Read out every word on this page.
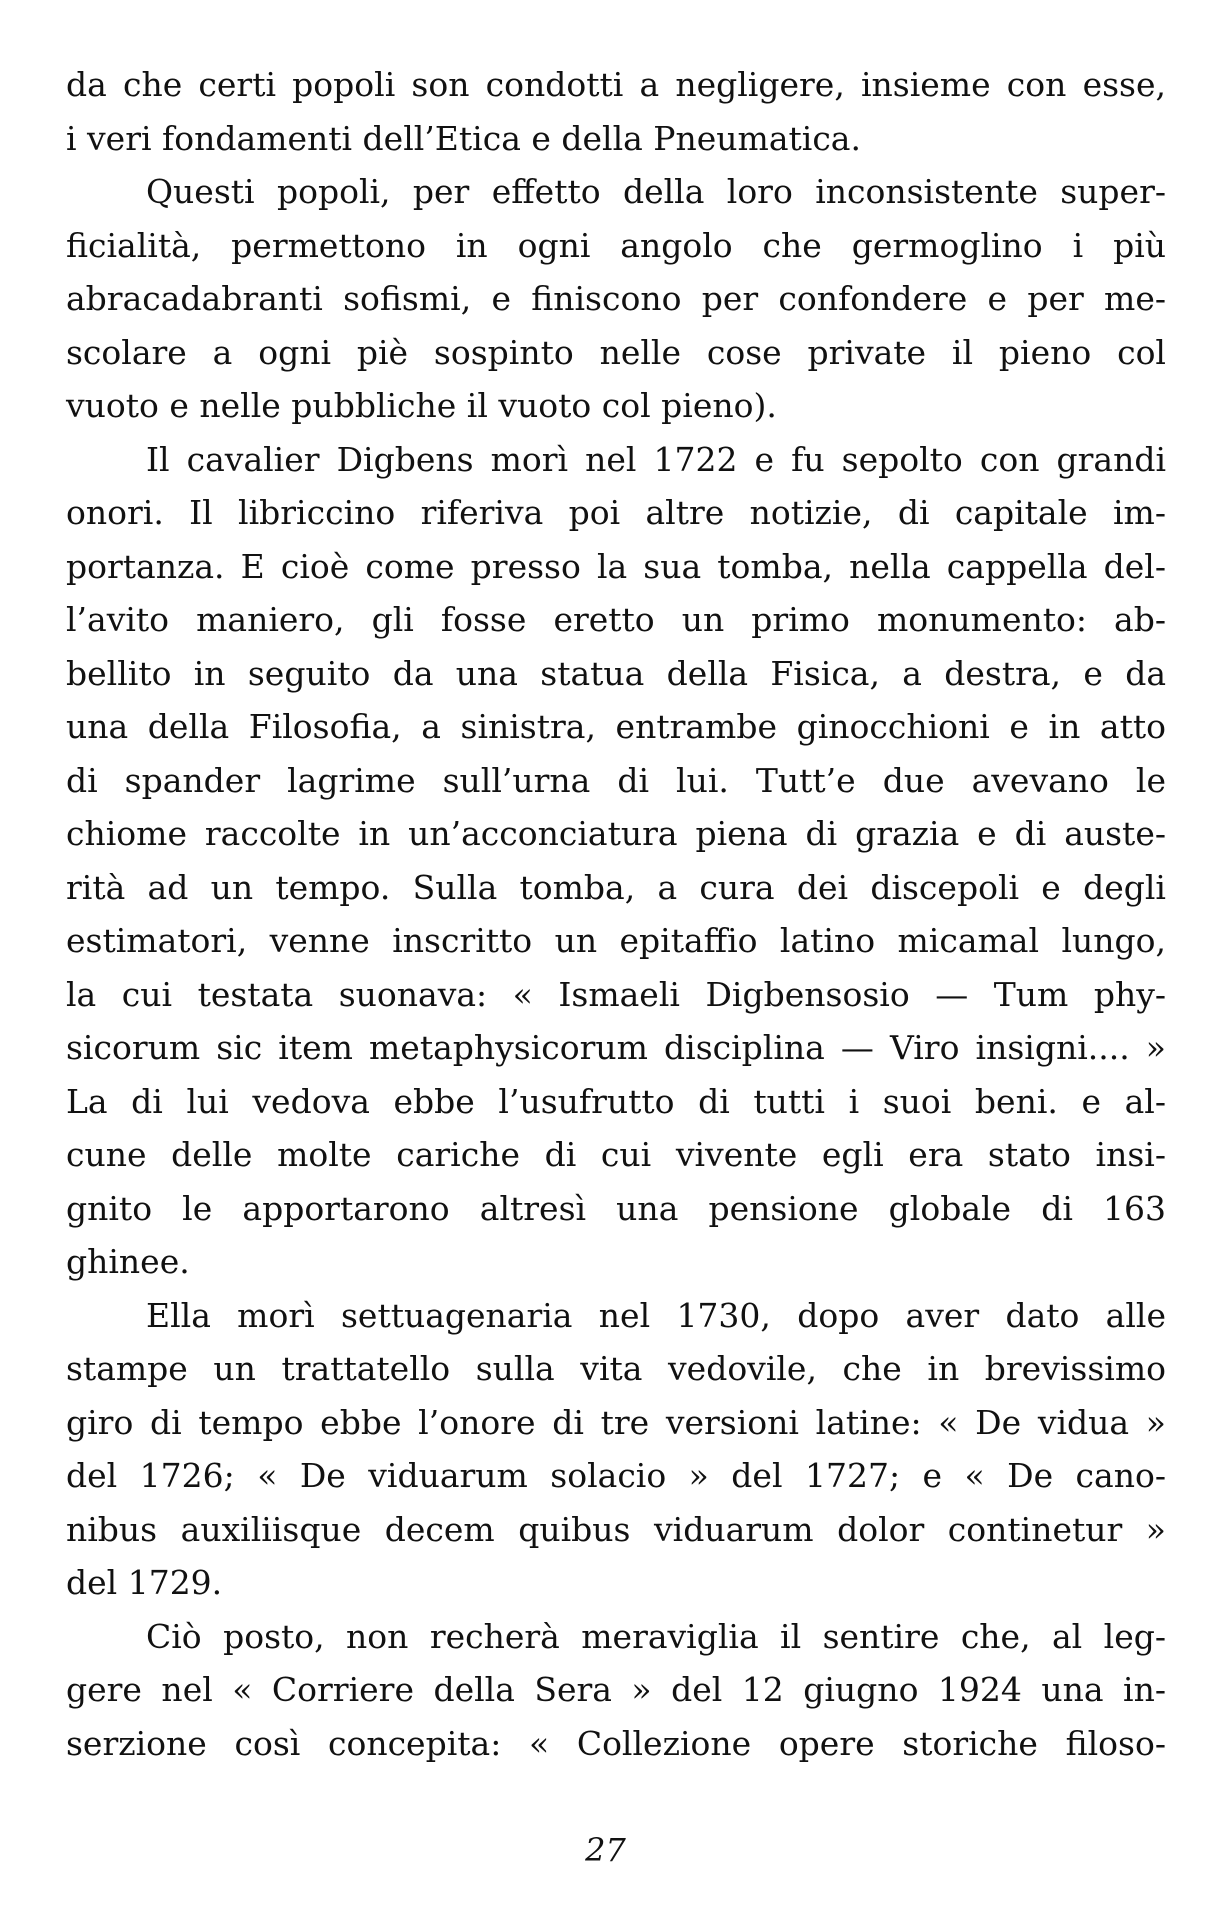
da che certi popoli son condotti a negligere, insieme con esse,
i veri fondamenti dell’Etica e della Pneumatica.
Questi popoli, per effetto della loro inconsistente super-
ficialità, permettono in ogni angolo che germoglino i più
abracadabranti sofismi, e finiscono per confondere e per me-
scolare a ogni piè sospinto nelle cose private il pieno col
vuoto e nelle pubbliche il vuoto col pieno).
Il cavalier Digbens morì nel 1722 e fu sepolto con grandi
onori. Il libriccino riferiva poi altre notizie, di capitale im-
portanza. E cioè come presso la sua tomba, nella cappella del-
l’avito maniero, gli fosse eretto un primo monumento: ab-
bellito in seguito da una statua della Fisica, a destra, e da
una della Filosofia, a sinistra, entrambe ginocchioni e in atto
di spander lagrime sull’urna di lui. Tutt’e due avevano le
chiome raccolte in un’acconciatura piena di grazia e di auste-
rità ad un tempo. Sulla tomba, a cura dei discepoli e degli
estimatori, venne inscritto un epitaffio latino micamal lungo,
la cui testata suonava: « Ismaeli Digbensosio — Tum phy-
sicorum sic item metaphysicorum disciplina — Viro insigni.... »
La di lui vedova ebbe l’usufrutto di tutti i suoi beni. e al-
cune delle molte cariche di cui vivente egli era stato insi-
gnito le apportarono altresì una pensione globale di 163
ghinee.
Ella morì settuagenaria nel 1730, dopo aver dato alle
stampe un trattatello sulla vita vedovile, che in brevissimo
giro di tempo ebbe l’onore di tre versioni latine: « De vidua »
del 1726; « De viduarum solacio » del 1727; e « De cano-
nibus auxiliisque decem quibus viduarum dolor continetur »
del 1729.
Ciò posto, non recherà meraviglia il sentire che, al leg-
gere nel « Corriere della Sera » del 12 giugno 1924 una in-
serzione così concepita: « Collezione opere storiche filoso-
27
